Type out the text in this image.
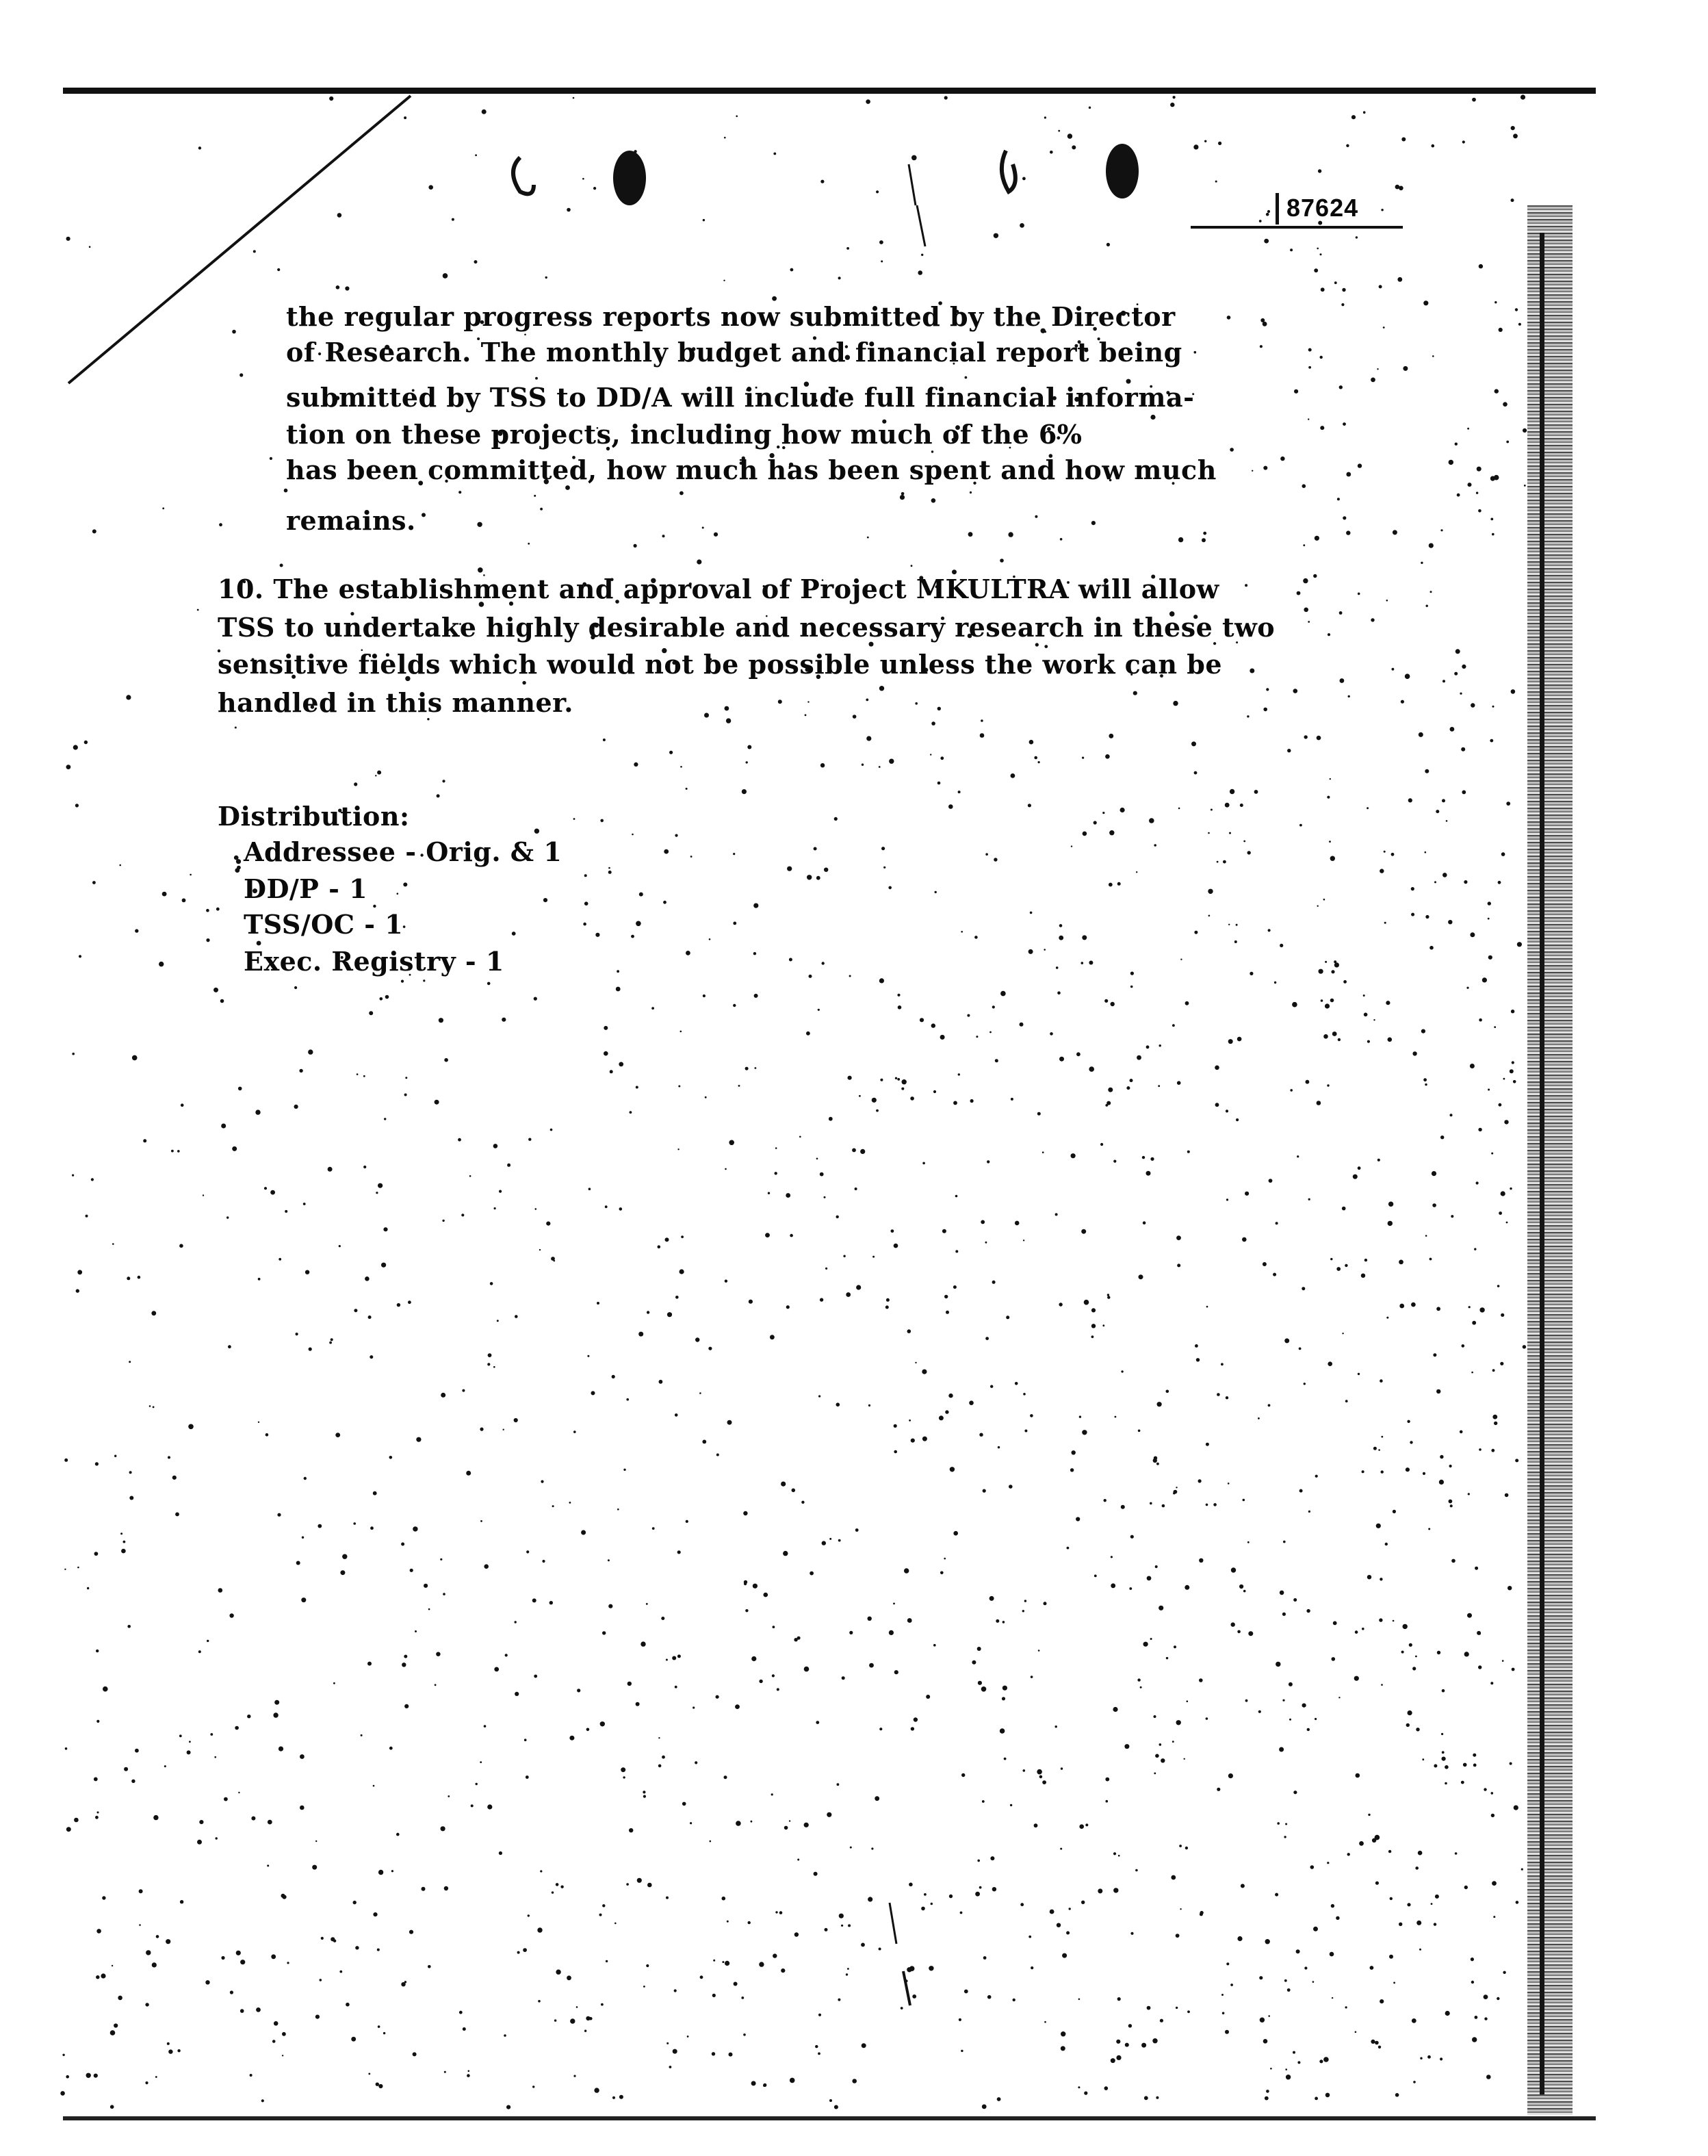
87624
the regular progress reports now submitted by the Director
of Research. The monthly budget and financial report being
submitted by TSS to DD/A will include full financial informa-
tion on these projects, including how much of the 6%
has been committed, how much has been spent and how much
remains.
10. The establishment and approval of Project MKULTRA will allow
TSS to undertake highly desirable and necessary research in these two
sensitive fields which would not be possible unless the work can be
handled in this manner.
Distribution:
Addressee - Orig. & 1
DD/P - 1
TSS/OC - 1
Exec. Registry - 1
